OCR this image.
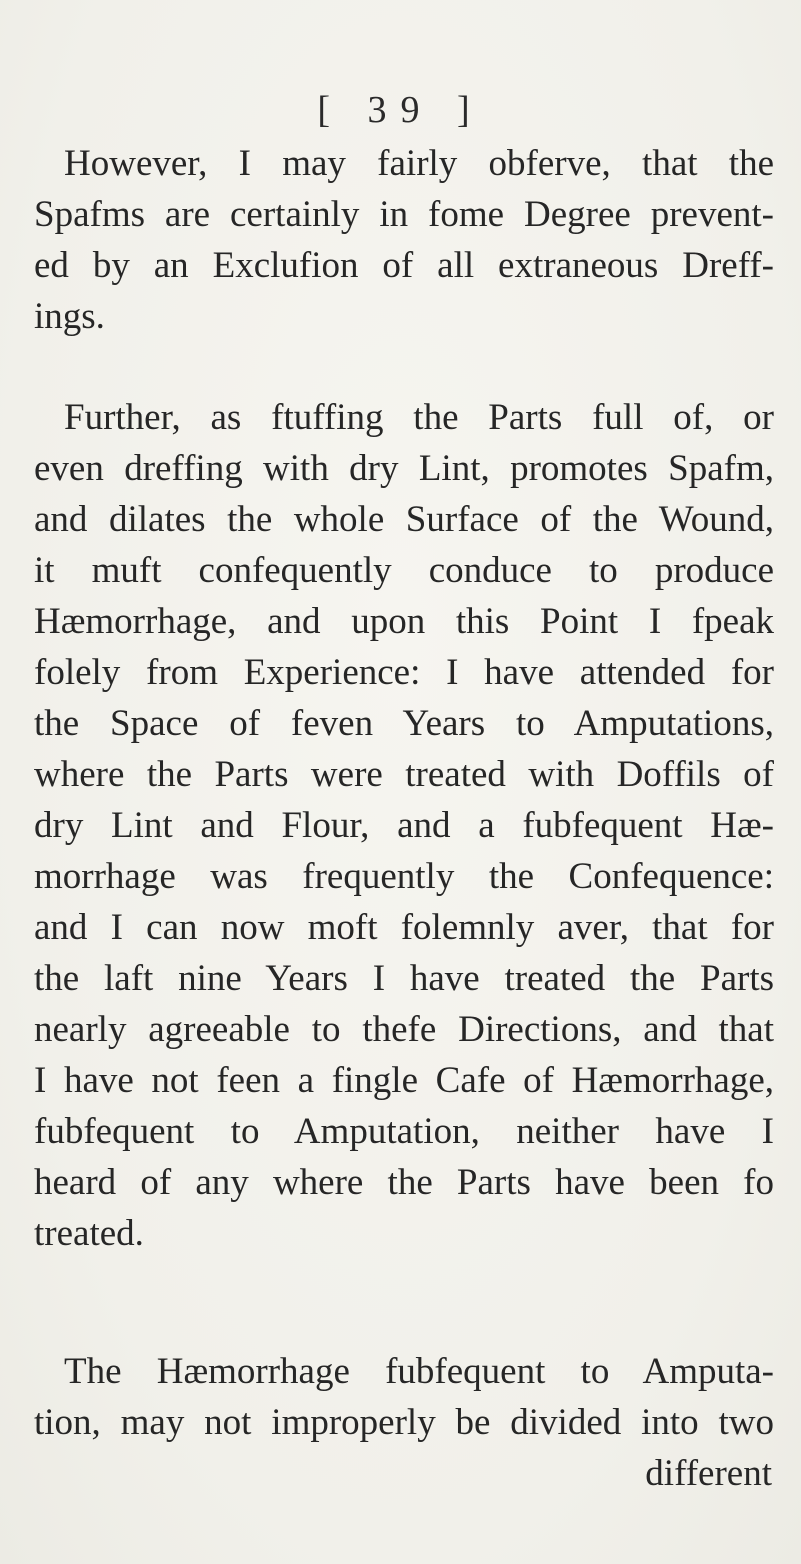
[ 39 ]
However, I may fairly obferve, that the
Spafms are certainly in fome Degree prevent-
ed by an Exclufion of all extraneous Dreff-
ings.
Further, as ftuffing the Parts full of, or
even dreffing with dry Lint, promotes Spafm,
and dilates the whole Surface of the Wound,
it muft confequently conduce to produce
Hæmorrhage, and upon this Point I fpeak
folely from Experience: I have attended for
the Space of feven Years to Amputations,
where the Parts were treated with Doffils of
dry Lint and Flour, and a fubfequent Hæ-
morrhage was frequently the Confequence:
and I can now moft folemnly aver, that for
the laft nine Years I have treated the Parts
nearly agreeable to thefe Directions, and that
I have not feen a fingle Cafe of Hæmorrhage,
fubfequent to Amputation, neither have I
heard of any where the Parts have been fo
treated.
The Hæmorrhage fubfequent to Amputa-
tion, may not improperly be divided into two
different
